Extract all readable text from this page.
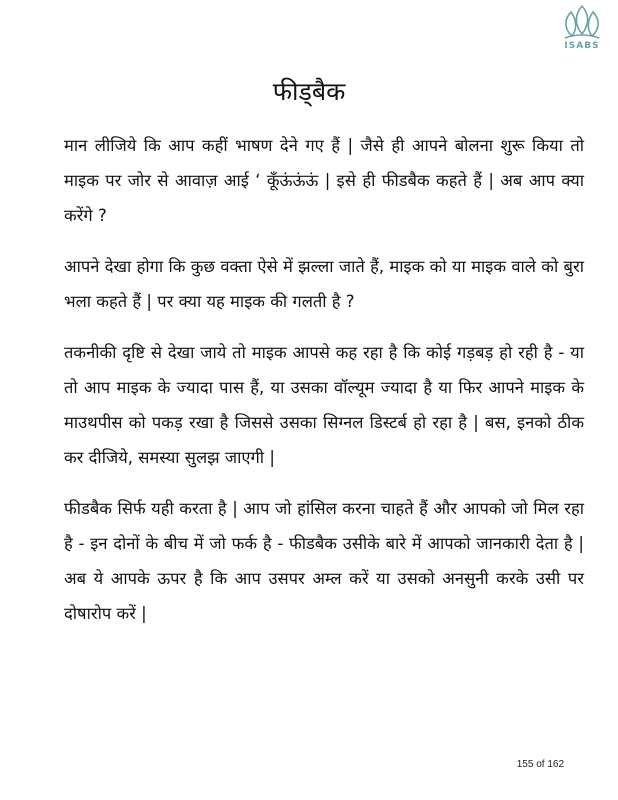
ISABS
फीड्बैक

मान लीजिये कि आप कहीं भाषण देने गए हैं | जैसे ही आपने बोलना शुरू किया तो माइक पर जोर से आवाज़ आई ‘ कूँऊंऊंऊं | इसे ही फीडबैक कहते हैं | अब आप क्या करेंगे ?

आपने देखा होगा कि कुछ वक्ता ऐसे में झल्ला जाते हैं, माइक को या माइक वाले को बुरा भला कहते हैं | पर क्या यह माइक की गलती है ?

तकनीकी दृष्टि से देखा जाये तो माइक आपसे कह रहा है कि कोई गड़बड़ हो रही है - या तो आप माइक के ज्यादा पास हैं, या उसका वॉल्यूम ज्यादा है या फिर आपने माइक के माउथपीस को पकड़ रखा है जिससे उसका सिग्नल डिस्टर्ब हो रहा है | बस, इनको ठीक कर दीजिये, समस्या सुलझ जाएगी |

फीडबैक सिर्फ यही करता है | आप जो हांसिल करना चाहते हैं और आपको जो मिल रहा है - इन दोनों के बीच में जो फर्क है - फीडबैक उसीके बारे में आपको जानकारी देता है | अब ये आपके ऊपर है कि आप उसपर अम्ल करें या उसको अनसुनी करके उसी पर दोषारोप करें |

155 of 162
